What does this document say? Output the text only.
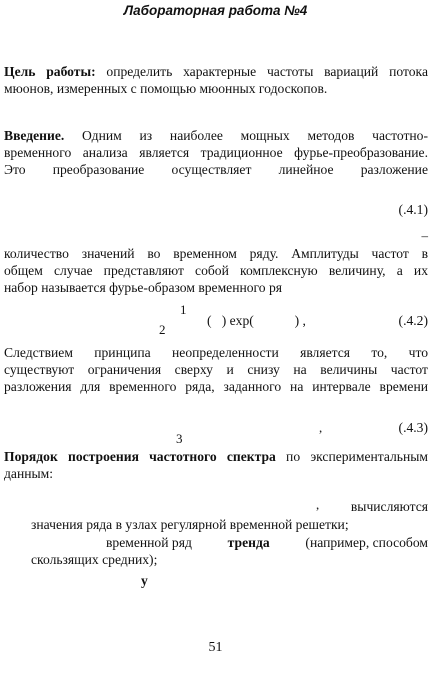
Лабораторная работа №4
Цель работы: определить характерные частоты вариаций потока
мюонов, измеренных с помощью мюонных годоскопов.
Введение. Одним из наиболее мощных методов частотно-
временного анализа является традиционное фурье-преобразование.
Это преобразование осуществляет линейное разложение
(.4.1)
–
количество значений во временном ряду. Амплитуды частот в
общем случае представляют собой комплексную величину, а их
набор называется фурье-образом временного ря
1
2
(   ) exp(            ) ,	(.4.2)
Следствием принципа неопределенности является то, что
существуют ограничения сверху и снизу на величины частот
разложения для временного ряда, заданного на интервале времени
,
3
(.4.3)
Порядок построения частотного спектра по экспериментальным
данным:
, вычисляются
значения ряда в узлах регулярной временной решетки;
временной ряд	тренда	(например, способом
скользящих средних);
у
51
